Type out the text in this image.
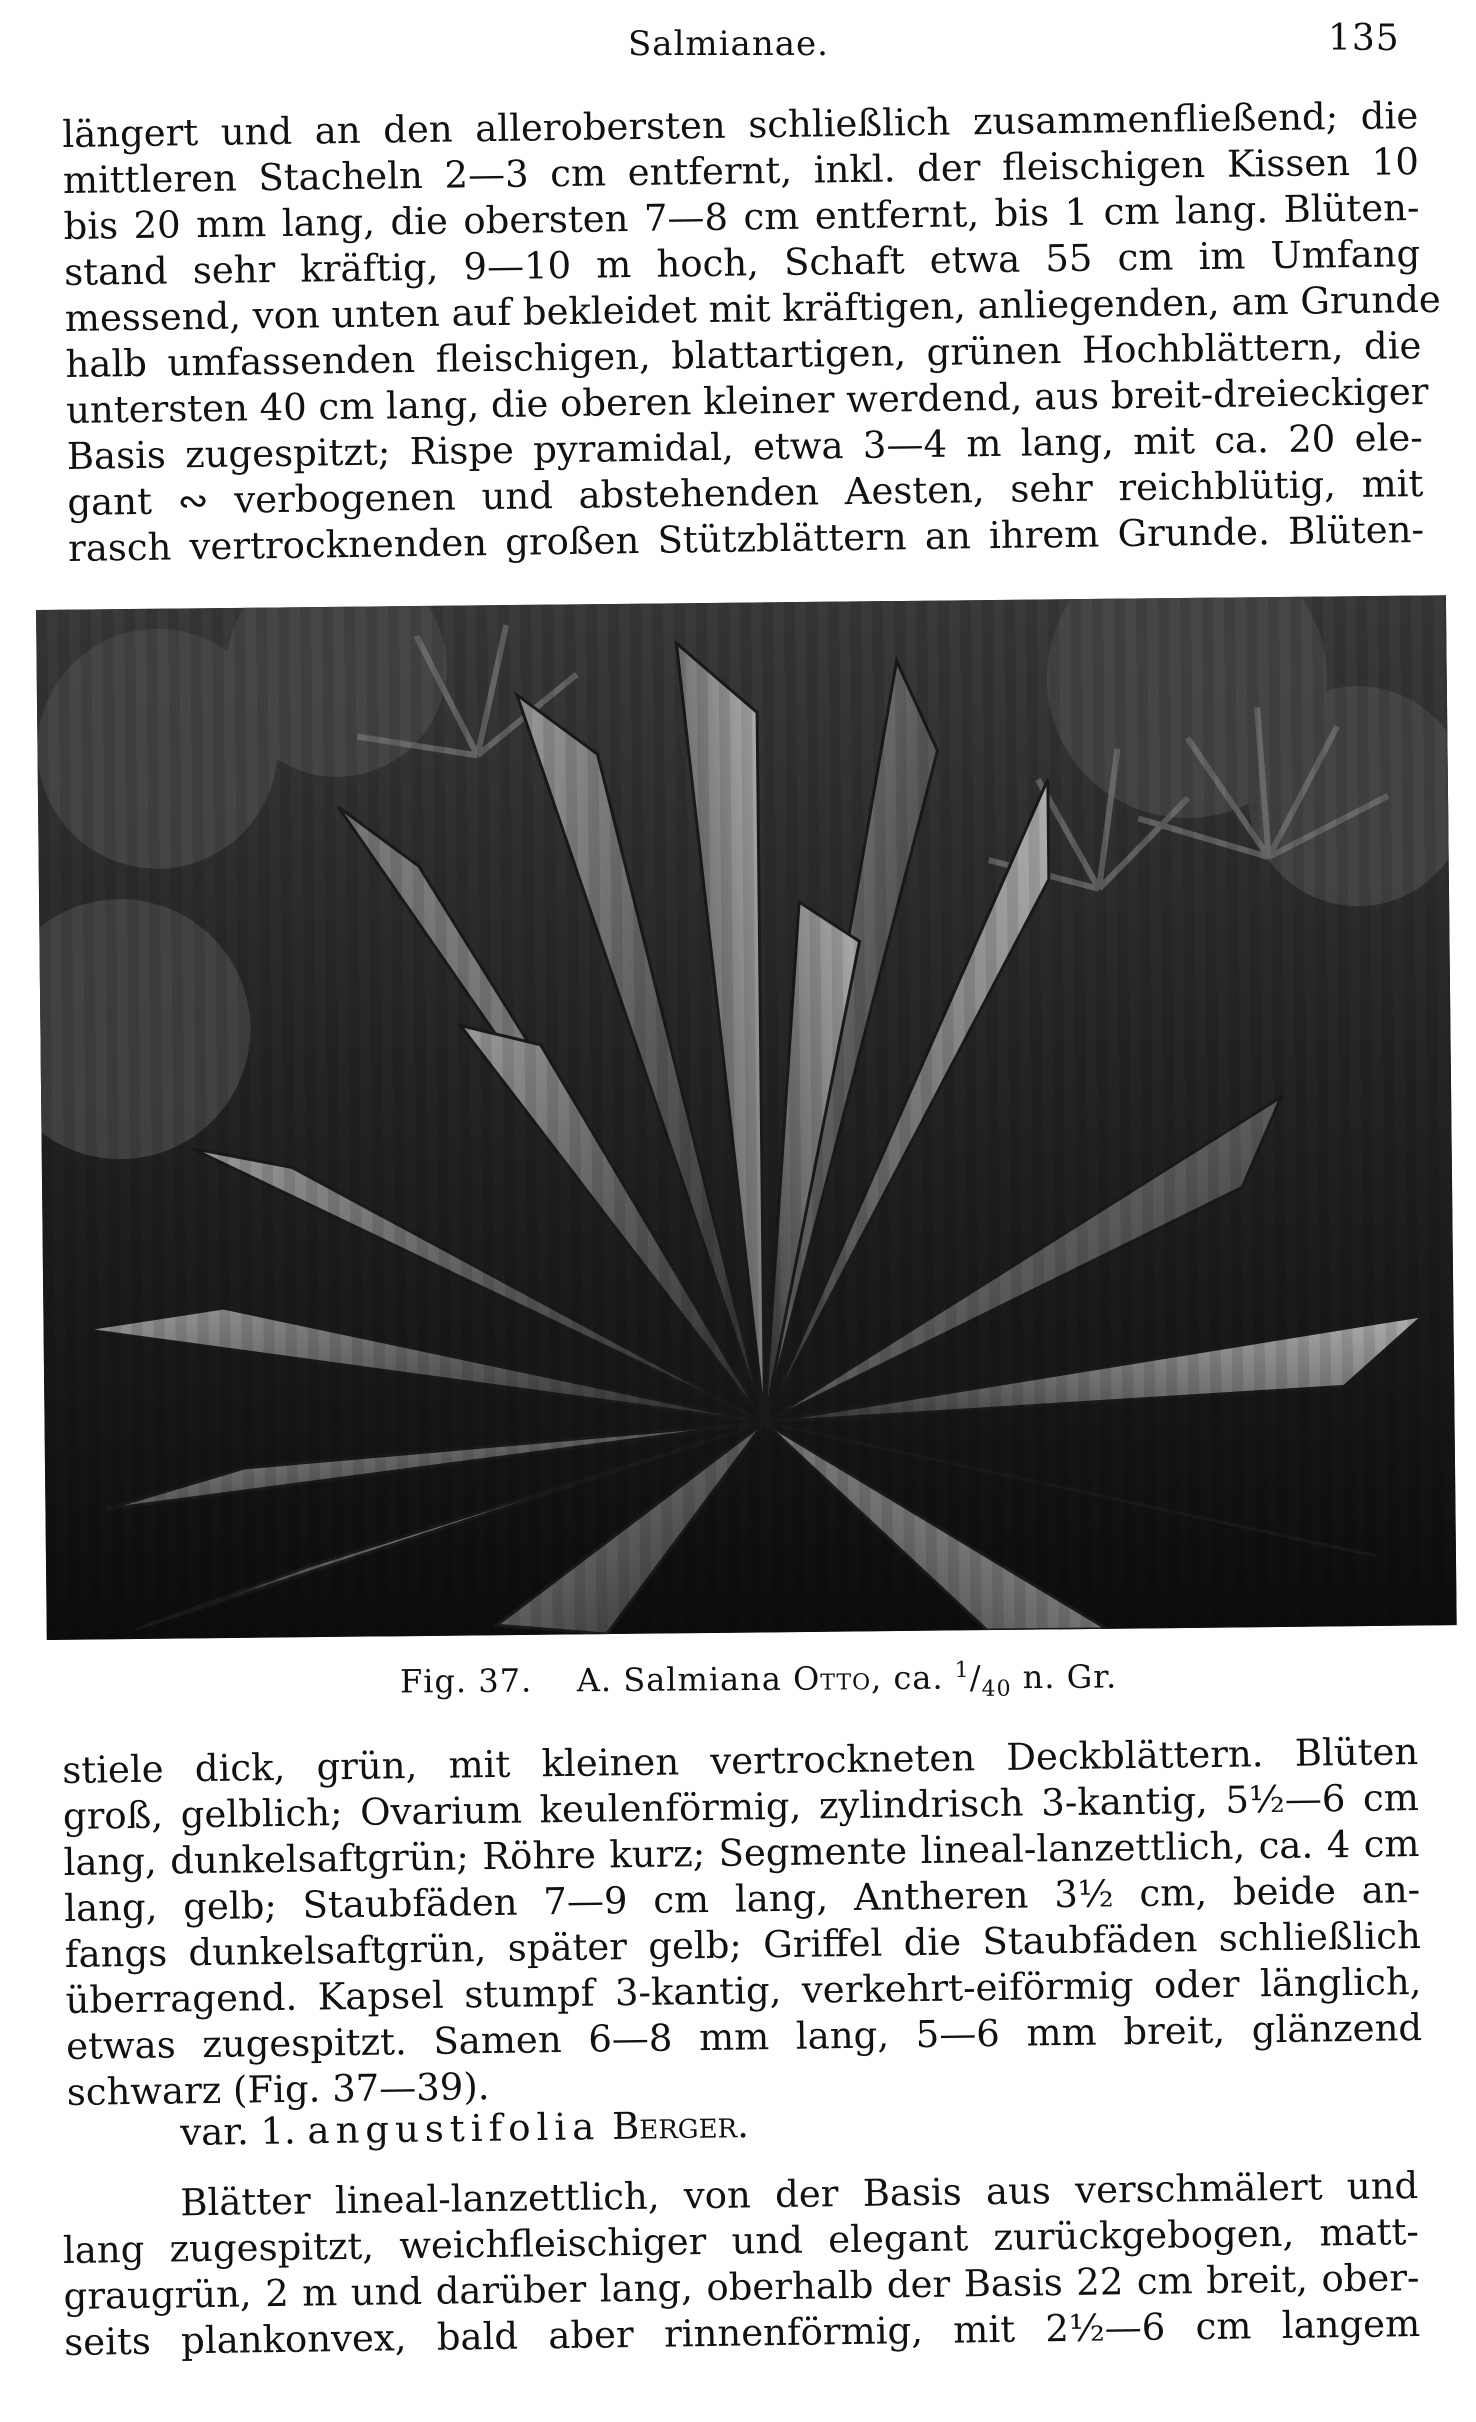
Salmianae.	135
längert und an den allerobersten schließlich zusammenfließend; die
mittleren Stacheln 2—3 cm entfernt, inkl. der fleischigen Kissen 10
bis 20 mm lang, die obersten 7—8 cm entfernt, bis 1 cm lang. Blüten-
stand sehr kräftig, 9—10 m hoch, Schaft etwa 55 cm im Umfang
messend, von unten auf bekleidet mit kräftigen, anliegenden, am Grunde
halb umfassenden fleischigen, blattartigen, grünen Hochblättern, die
untersten 40 cm lang, die oberen kleiner werdend, aus breit-dreieckiger
Basis zugespitzt; Rispe pyramidal, etwa 3—4 m lang, mit ca. 20 ele-
gant ∾ verbogenen und abstehenden Aesten, sehr reichblütig, mit
rasch vertrocknenden großen Stützblättern an ihrem Grunde. Blüten-
Fig. 37. A. Salmiana Otto, ca. $^1/_{40}$ n. Gr.
stiele dick, grün, mit kleinen vertrockneten Deckblättern. Blüten
groß, gelblich; Ovarium keulenförmig, zylindrisch 3-kantig, 5½—6 cm
lang, dunkelsaftgrün; Röhre kurz; Segmente lineal-lanzettlich, ca. 4 cm
lang, gelb; Staubfäden 7—9 cm lang, Antheren 3½ cm, beide an-
fangs dunkelsaftgrün, später gelb; Griffel die Staubfäden schließlich
überragend. Kapsel stumpf 3-kantig, verkehrt-eiförmig oder länglich,
etwas zugespitzt. Samen 6—8 mm lang, 5—6 mm breit, glänzend
schwarz (Fig. 37—39).
var. 1. angustifolia Berger.
Blätter lineal-lanzettlich, von der Basis aus verschmälert und
lang zugespitzt, weichfleischiger und elegant zurückgebogen, matt-
graugrün, 2 m und darüber lang, oberhalb der Basis 22 cm breit, ober-
seits plankonvex, bald aber rinnenförmig, mit 2½—6 cm langem
